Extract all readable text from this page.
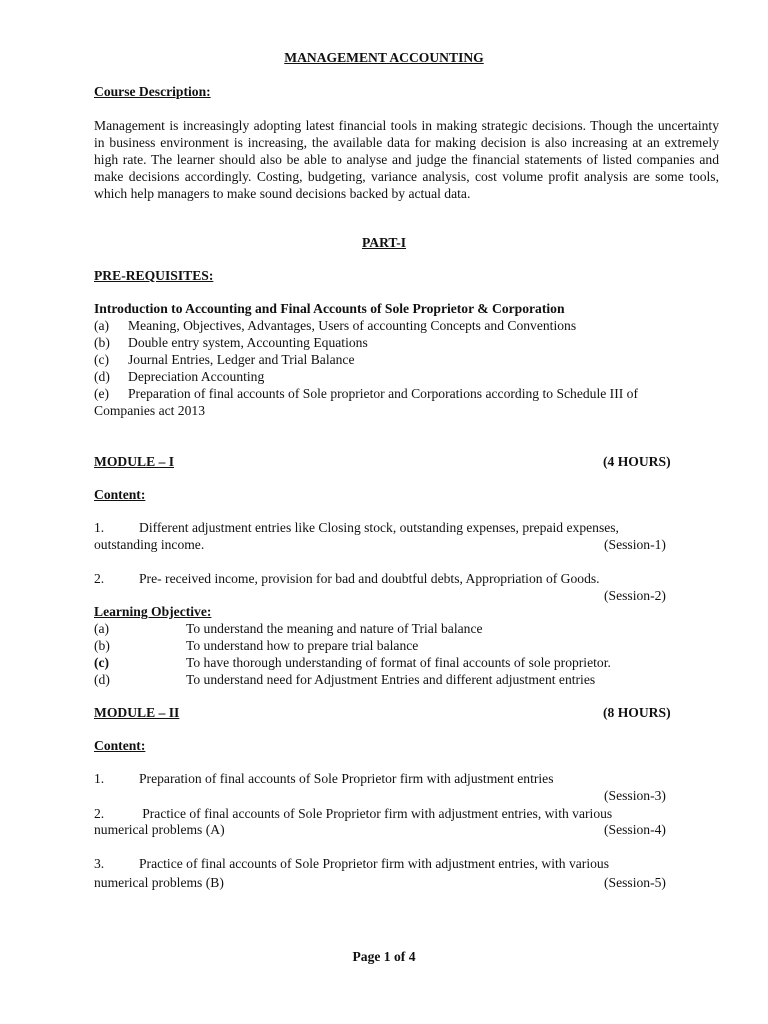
MANAGEMENT ACCOUNTING
Course Description:

Management is increasingly adopting latest financial tools in making strategic decisions. Though the uncertainty in business environment is increasing, the available data for making decision is also increasing at an extremely high rate. The learner should also be able to analyse and judge the financial statements of listed companies and make decisions accordingly. Costing, budgeting, variance analysis, cost volume profit analysis are some tools, which help managers to make sound decisions backed by actual data.

PART-I
PRE-REQUISITES:
Introduction to Accounting and Final Accounts of Sole Proprietor & Corporation
(a) Meaning, Objectives, Advantages, Users of accounting Concepts and Conventions
(b) Double entry system, Accounting Equations
(c) Journal Entries, Ledger and Trial Balance
(d) Depreciation Accounting
(e) Preparation of final accounts of Sole proprietor and Corporations according to Schedule III of
Companies act 2013
MODULE – I	(4 HOURS)
Content:
1.	Different adjustment entries like Closing stock, outstanding expenses, prepaid expenses,
outstanding income.	(Session-1)
2.	Pre- received income, provision for bad and doubtful debts, Appropriation of Goods.
(Session-2)
Learning Objective:
(a)	To understand the meaning and nature of Trial balance
(b)	To understand how to prepare trial balance
(c)	To have thorough understanding of format of final accounts of sole proprietor.
(d)	To understand need for Adjustment Entries and different adjustment entries
MODULE – II	(8 HOURS)
Content:
1.	Preparation of final accounts of Sole Proprietor firm with adjustment entries
(Session-3)

2.	Practice of final accounts of Sole Proprietor firm with adjustment entries, with various

numerical problems (A)	(Session-4)
3.	Practice of final accounts of Sole Proprietor firm with adjustment entries, with various
numerical problems (B)	(Session-5)
Page 1 of 4
